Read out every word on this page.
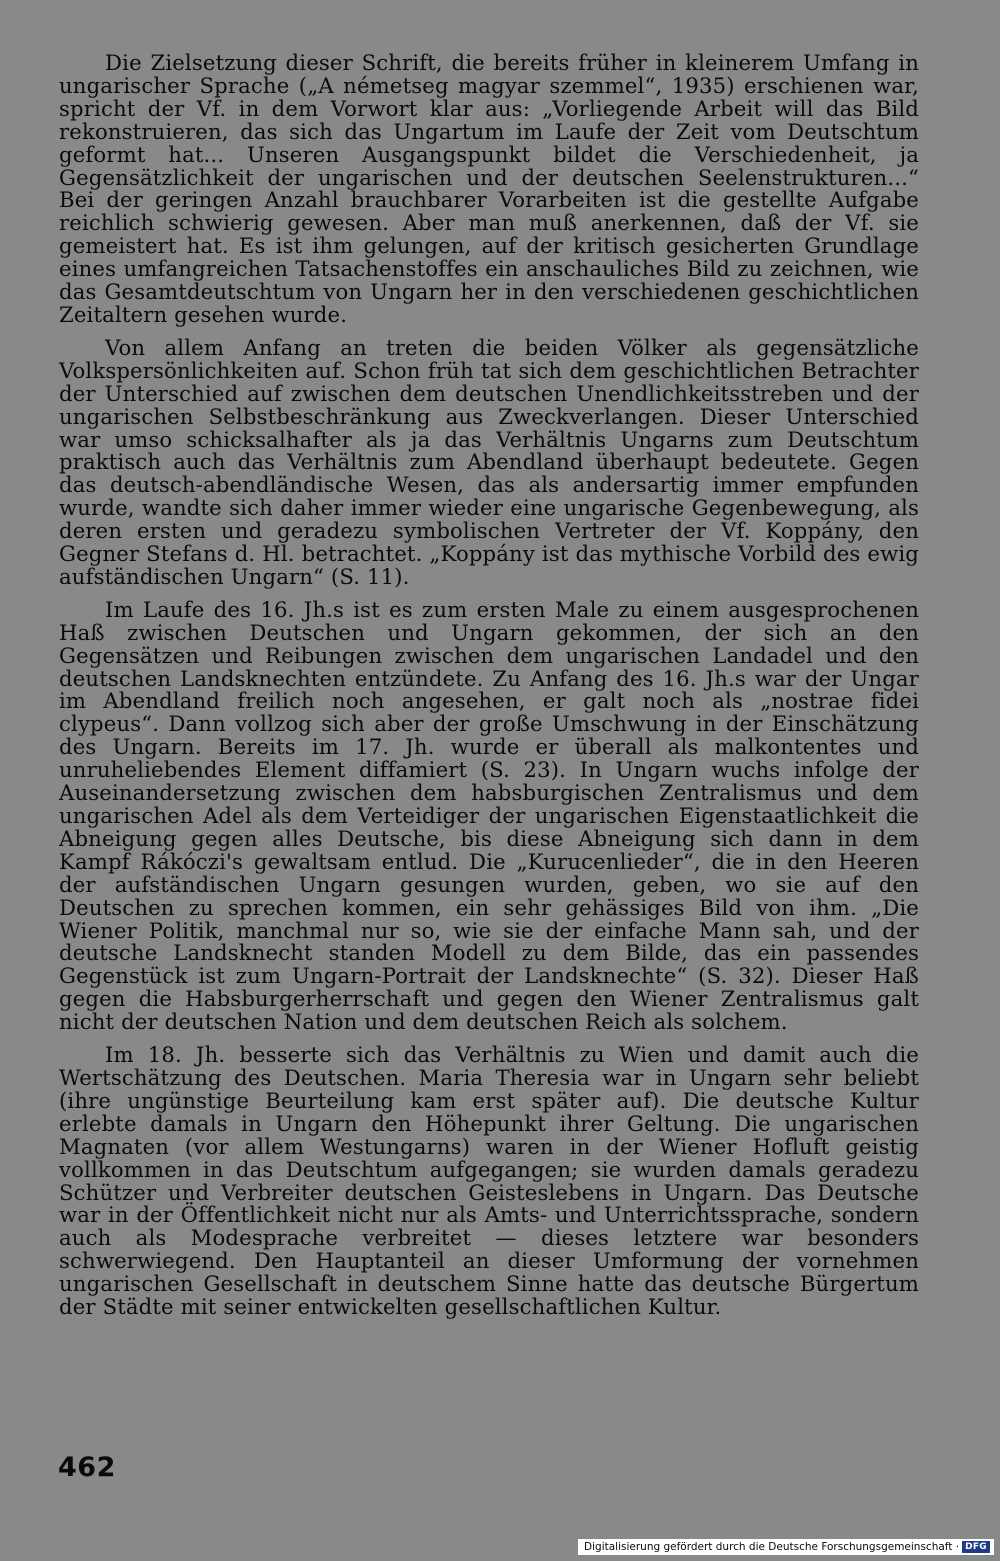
Die Zielsetzung dieser Schrift, die bereits früher in kleinerem Umfang in ungarischer Sprache („A németseg magyar szemmel“, 1935) erschienen war, spricht der Vf. in dem Vorwort klar aus: „Vorliegende Arbeit will das Bild rekonstruieren, das sich das Ungartum im Laufe der Zeit vom Deutschtum geformt hat... Unseren Ausgangspunkt bildet die Verschiedenheit, ja Gegensätzlichkeit der ungarischen und der deutschen Seelenstrukturen...“ Bei der geringen Anzahl brauchbarer Vorarbeiten ist die gestellte Aufgabe reichlich schwierig gewesen. Aber man muß anerkennen, daß der Vf. sie gemeistert hat. Es ist ihm gelungen, auf der kritisch gesicherten Grundlage eines umfangreichen Tatsachenstoffes ein anschauliches Bild zu zeichnen, wie das Gesamtdeutschtum von Ungarn her in den verschiedenen geschichtlichen Zeitaltern gesehen wurde.

Von allem Anfang an treten die beiden Völker als gegensätzliche Volkspersönlichkeiten auf. Schon früh tat sich dem geschichtlichen Betrachter der Unterschied auf zwischen dem deutschen Unendlichkeitsstreben und der ungarischen Selbstbeschränkung aus Zweckverlangen. Dieser Unterschied war umso schicksalhafter als ja das Verhältnis Ungarns zum Deutschtum praktisch auch das Verhältnis zum Abendland überhaupt bedeutete. Gegen das deutsch-abendländische Wesen, das als andersartig immer empfunden wurde, wandte sich daher immer wieder eine ungarische Gegenbewegung, als deren ersten und geradezu symbolischen Vertreter der Vf. Koppány, den Gegner Stefans d. Hl. betrachtet. „Koppány ist das mythische Vorbild des ewig aufständischen Ungarn“ (S. 11).

Im Laufe des 16. Jh.s ist es zum ersten Male zu einem ausgesprochenen Haß zwischen Deutschen und Ungarn gekommen, der sich an den Gegensätzen und Reibungen zwischen dem ungarischen Landadel und den deutschen Landsknechten entzündete. Zu Anfang des 16. Jh.s war der Ungar im Abendland freilich noch angesehen, er galt noch als „nostrae fidei clypeus“. Dann vollzog sich aber der große Umschwung in der Einschätzung des Ungarn. Bereits im 17. Jh. wurde er überall als malkontentes und unruheliebendes Element diffamiert (S. 23). In Ungarn wuchs infolge der Auseinandersetzung zwischen dem habsburgischen Zentralismus und dem ungarischen Adel als dem Verteidiger der ungarischen Eigenstaatlichkeit die Abneigung gegen alles Deutsche, bis diese Abneigung sich dann in dem Kampf Rákóczi's gewaltsam entlud. Die „Kurucenlieder“, die in den Heeren der aufständischen Ungarn gesungen wurden, geben, wo sie auf den Deutschen zu sprechen kommen, ein sehr gehässiges Bild von ihm. „Die Wiener Politik, manchmal nur so, wie sie der einfache Mann sah, und der deutsche Landsknecht standen Modell zu dem Bilde, das ein passendes Gegenstück ist zum Ungarn-Portrait der Landsknechte“ (S. 32). Dieser Haß gegen die Habsburgerherrschaft und gegen den Wiener Zentralismus galt nicht der deutschen Nation und dem deutschen Reich als solchem.

Im 18. Jh. besserte sich das Verhältnis zu Wien und damit auch die Wertschätzung des Deutschen. Maria Theresia war in Ungarn sehr beliebt (ihre ungünstige Beurteilung kam erst später auf). Die deutsche Kultur erlebte damals in Ungarn den Höhepunkt ihrer Geltung. Die ungarischen Magnaten (vor allem Westungarns) waren in der Wiener Hofluft geistig vollkommen in das Deutschtum aufgegangen; sie wurden damals geradezu Schützer und Verbreiter deutschen Geisteslebens in Ungarn. Das Deutsche war in der Öffentlichkeit nicht nur als Amts- und Unterrichtssprache, sondern auch als Modesprache verbreitet — dieses letztere war besonders schwerwiegend. Den Hauptanteil an dieser Umformung der vornehmen ungarischen Gesellschaft in deutschem Sinne hatte das deutsche Bürgertum der Städte mit seiner entwickelten gesellschaftlichen Kultur.

462
Digitalisierung gefördert durch die Deutsche Forschungsgemeinschaft · DFG
